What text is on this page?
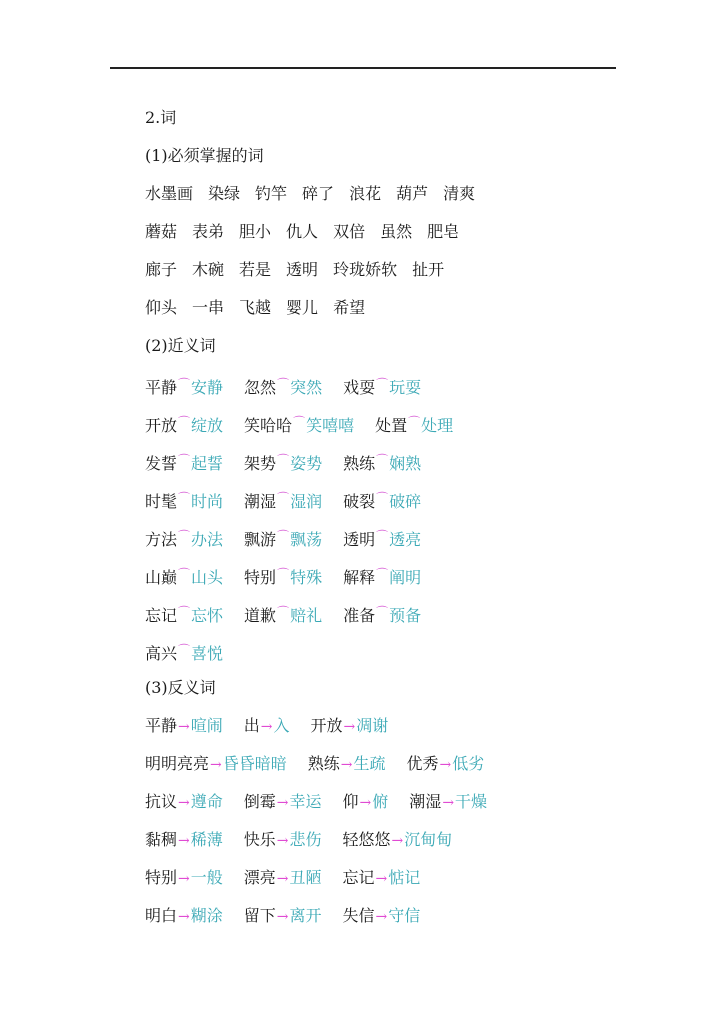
2.词
(1)必须掌握的词
水墨画 染绿 钓竿 碎了 浪花 葫芦 清爽
蘑菇 表弟 胆小 仇人 双倍 虽然 肥皂
廊子 木碗 若是 透明 玲珑娇软 扯开
仰头 一串 飞越 婴儿 希望
(2)近义词
平静⌒安静 忽然⌒突然 戏耍⌒玩耍
开放⌒绽放 笑哈哈⌒笑嘻嘻 处置⌒处理
发誓⌒起誓 架势⌒姿势 熟练⌒娴熟
时髦⌒时尚 潮湿⌒湿润 破裂⌒破碎
方法⌒办法 飘游⌒飘荡 透明⌒透亮
山巅⌒山头 特别⌒特殊 解释⌒阐明
忘记⌒忘怀 道歉⌒赔礼 准备⌒预备
高兴⌒喜悦
(3)反义词
平静→喧闹 出→入 开放→凋谢
明明亮亮→昏昏暗暗 熟练→生疏 优秀→低劣
抗议→遵命 倒霉→幸运 仰→俯 潮湿→干燥
黏稠→稀薄 快乐→悲伤 轻悠悠→沉甸甸
特别→一般 漂亮→丑陋 忘记→惦记
明白→糊涂 留下→离开 失信→守信
